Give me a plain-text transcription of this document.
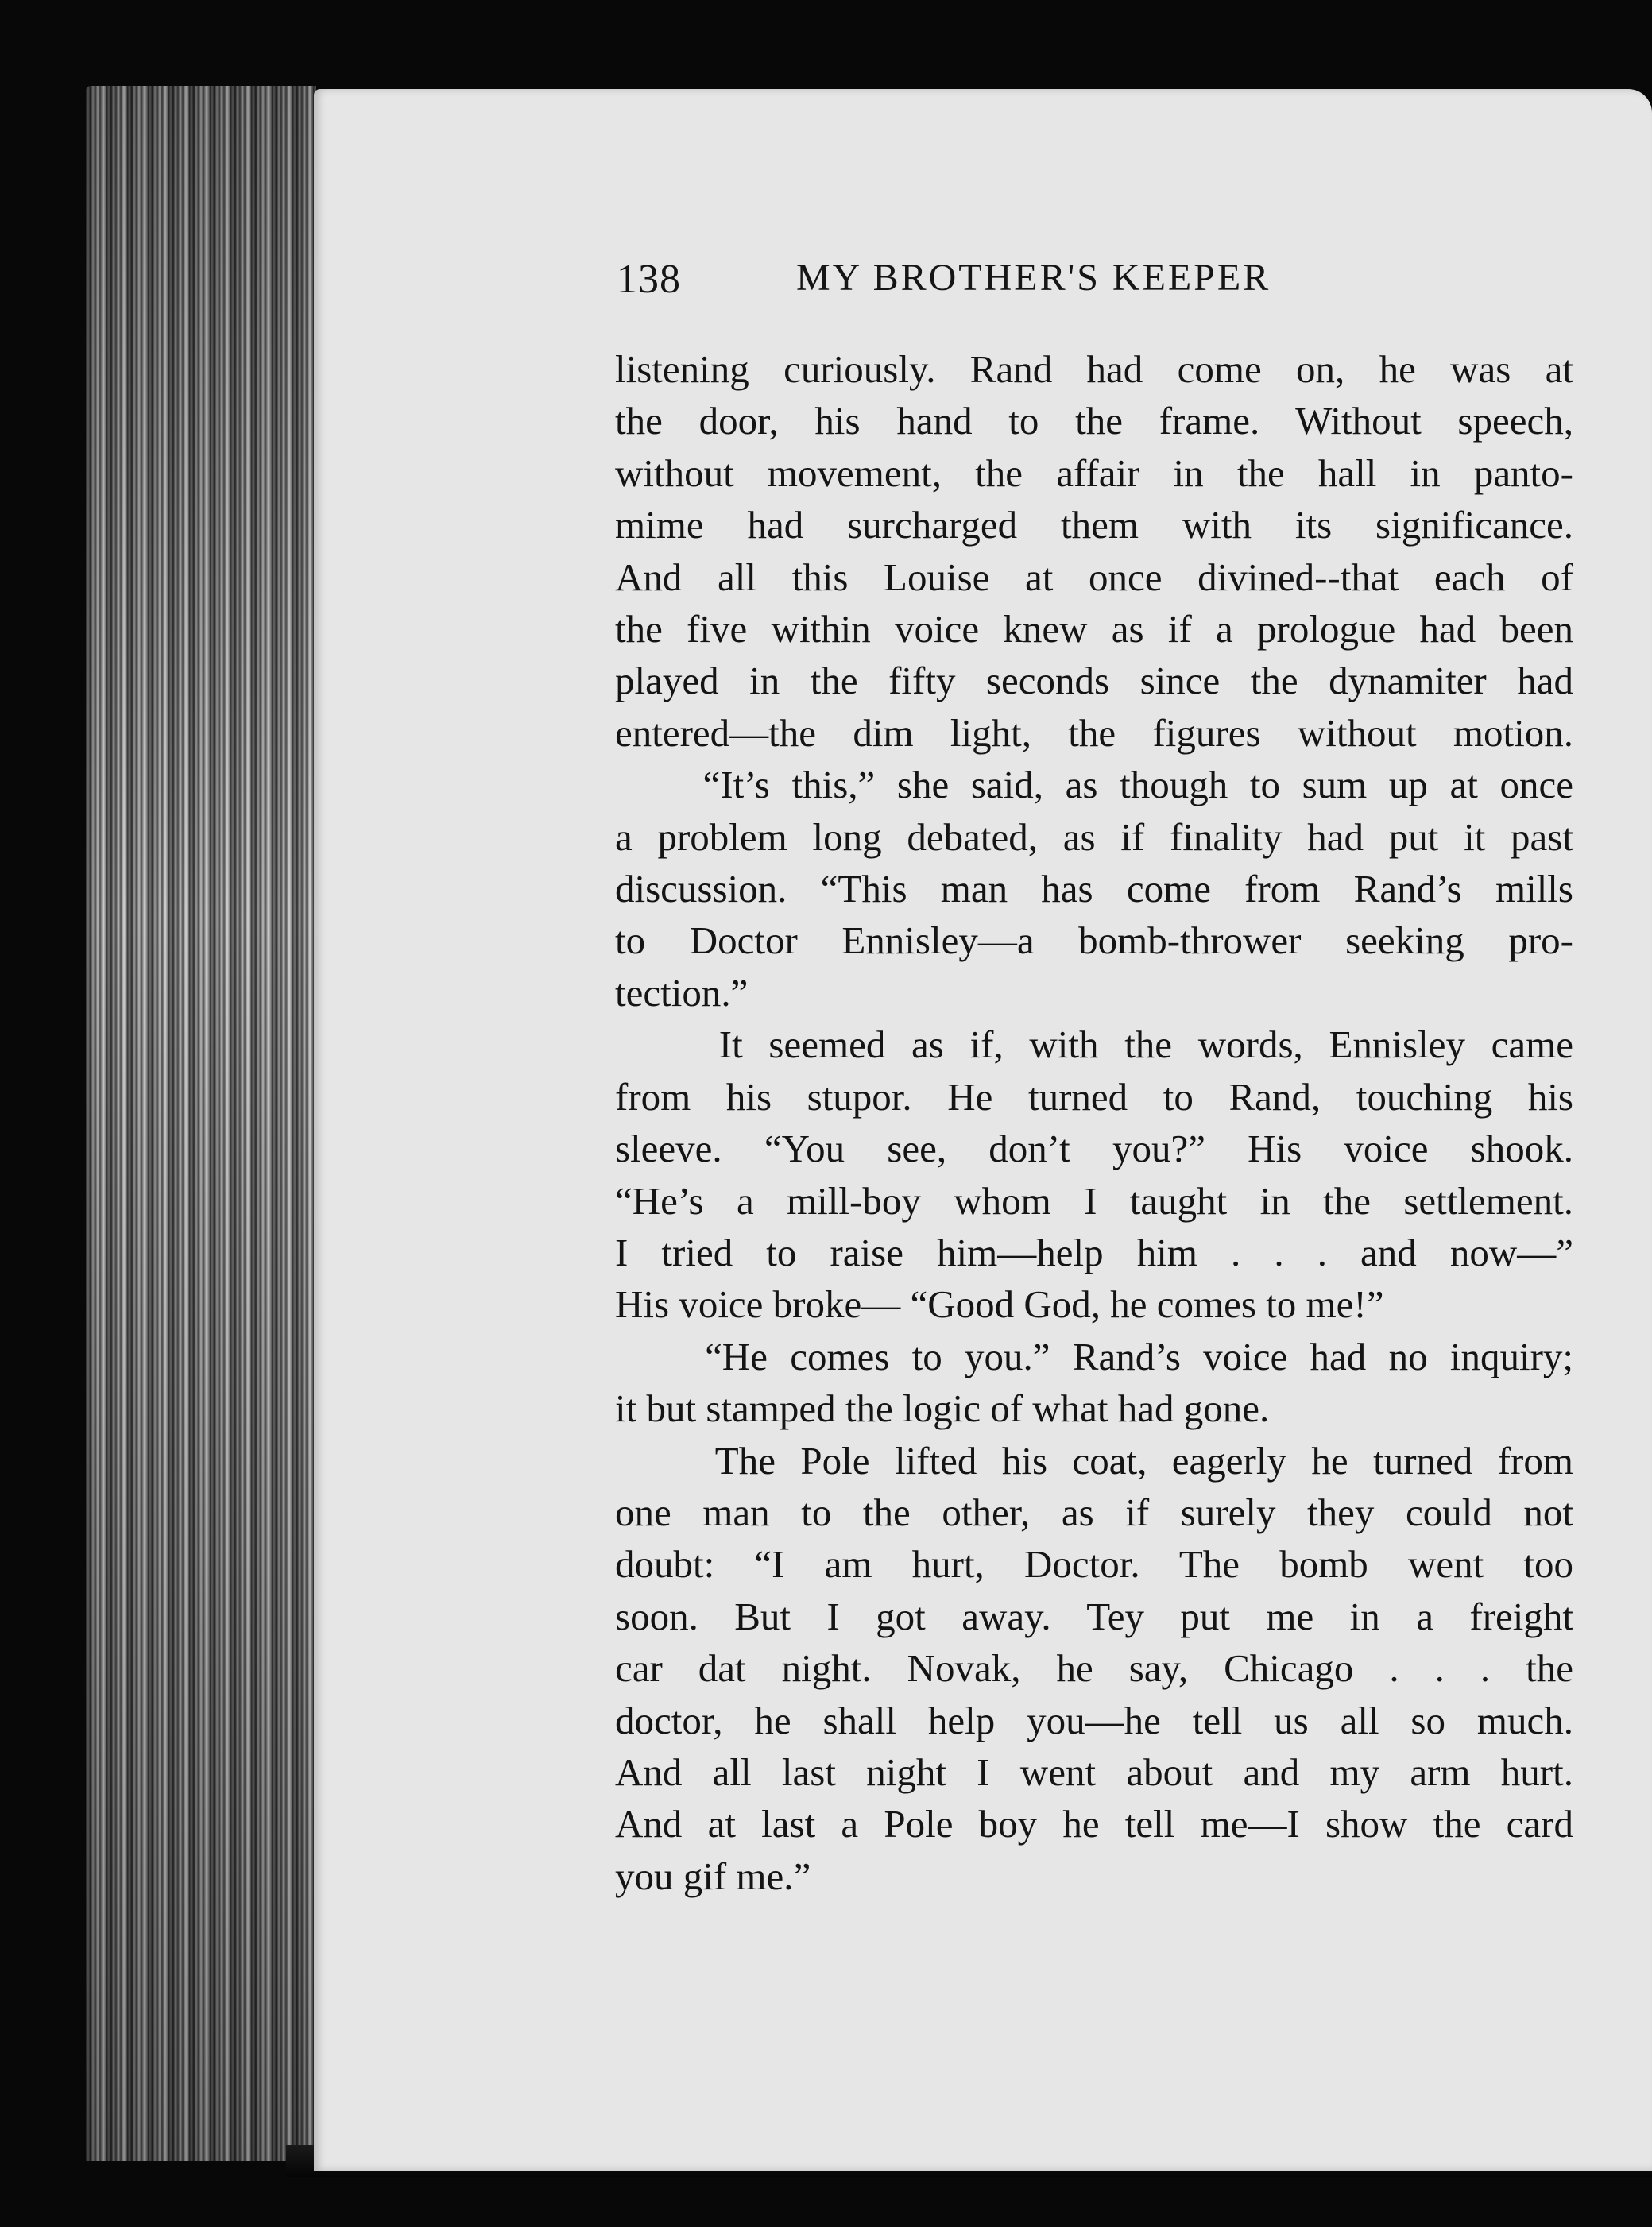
138	MY BROTHER'S KEEPER
listening curiously. Rand had come on, he was at
the door, his hand to the frame. Without speech,
without movement, the affair in the hall in panto-
mime had surcharged them with its significance.
And all this Louise at once divined--that each of
the five within voice knew as if a prologue had been
played in the fifty seconds since the dynamiter had
entered—the dim light, the figures without motion.
“It’s this,” she said, as though to sum up at once
a problem long debated, as if finality had put it past
discussion. “This man has come from Rand’s mills
to Doctor Ennisley—a bomb-thrower seeking pro-
tection.”
It seemed as if, with the words, Ennisley came
from his stupor. He turned to Rand, touching his
sleeve. “You see, don’t you?” His voice shook.
“He’s a mill-boy whom I taught in the settlement.
I tried to raise him—help him . . . and now—”
His voice broke— “Good God, he comes to me!”
“He comes to you.” Rand’s voice had no inquiry;
it but stamped the logic of what had gone.
The Pole lifted his coat, eagerly he turned from
one man to the other, as if surely they could not
doubt: “I am hurt, Doctor. The bomb went too
soon. But I got away. Tey put me in a freight
car dat night. Novak, he say, Chicago . . . the
doctor, he shall help you—he tell us all so much.
And all last night I went about and my arm hurt.
And at last a Pole boy he tell me—I show the card
you gif me.”
